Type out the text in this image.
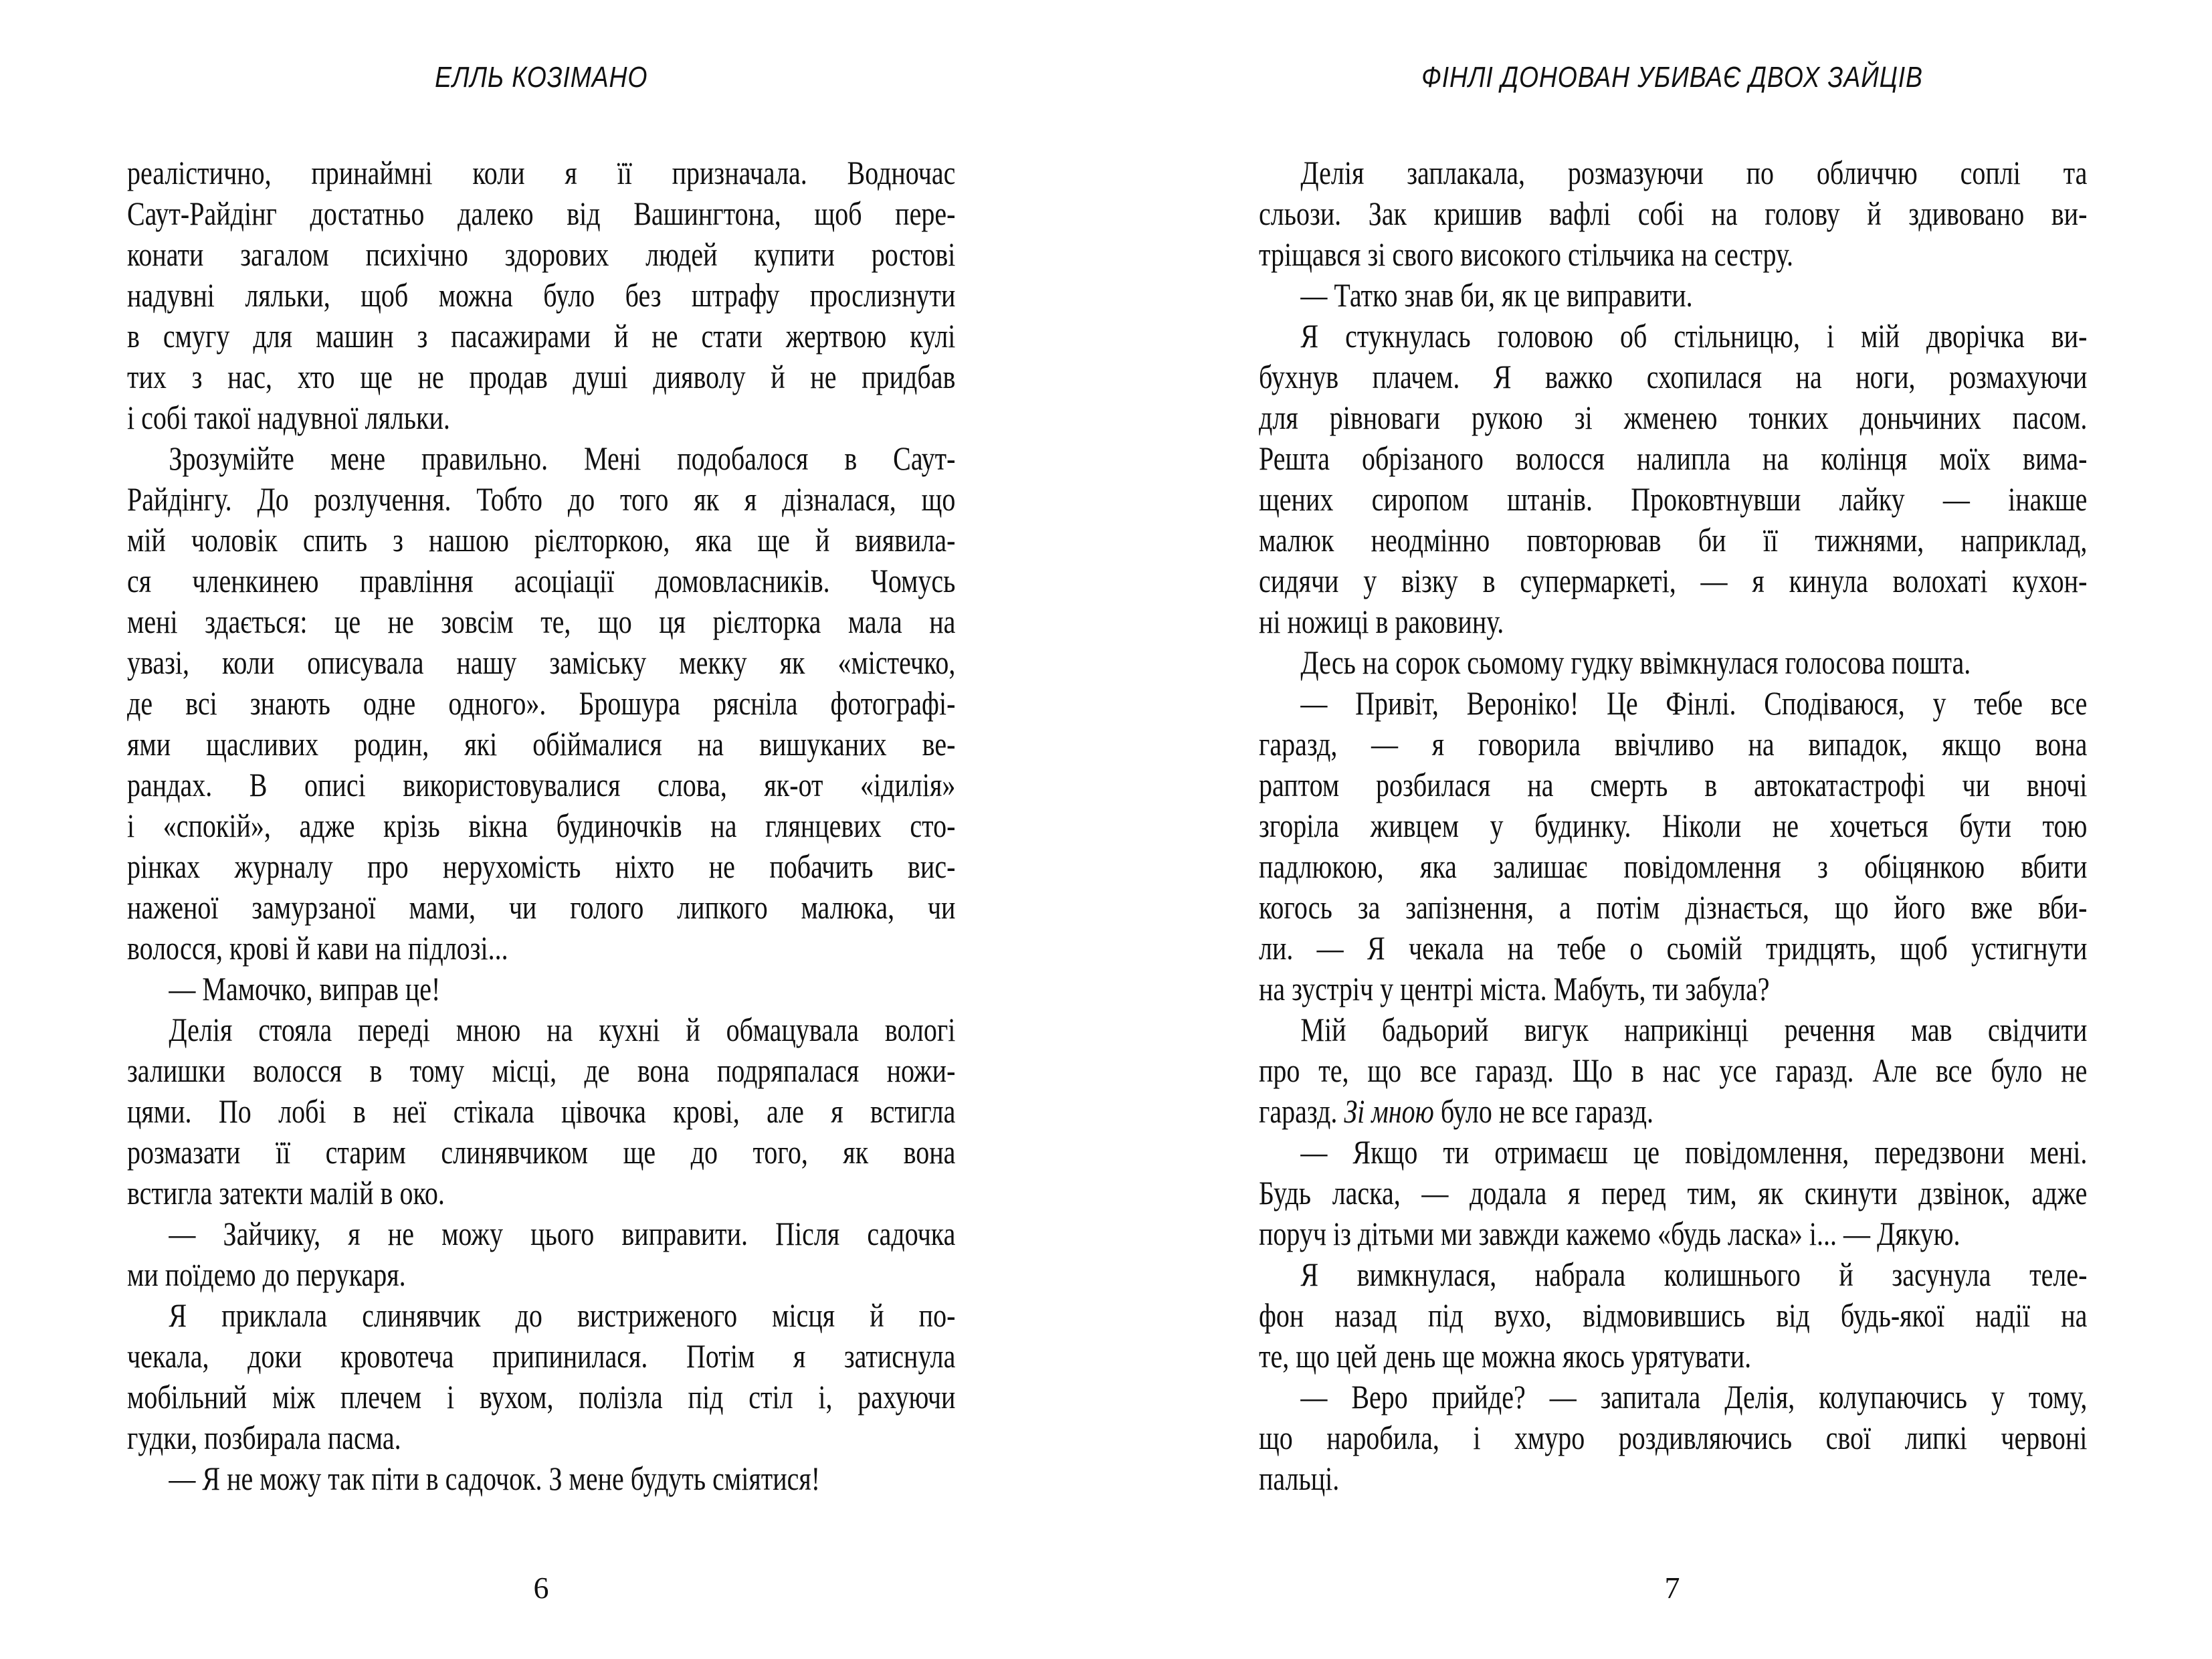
ЕЛЛЬ КОЗІМАНО
реалістично, принаймні коли я її призначала. Водночас
Саут-Райдінг достатньо далеко від Вашингтона, щоб пере-
конати загалом психічно здорових людей купити ростові
надувні ляльки, щоб можна було без штрафу прослизнути
в смугу для машин з пасажирами й не стати жертвою кулі
тих з нас, хто ще не продав душі дияволу й не придбав
і собі такої надувної ляльки.
Зрозумійте мене правильно. Мені подобалося в Саут-
Райдінгу. До розлучення. Тобто до того як я дізналася, що
мій чоловік спить з нашою рієлторкою, яка ще й виявила-
ся членкинею правління асоціації домовласників. Чомусь
мені здається: це не зовсім те, що ця рієлторка мала на
увазі, коли описувала нашу заміську мекку як «містечко,
де всі знають одне одного». Брошура рясніла фотографі-
ями щасливих родин, які обіймалися на вишуканих ве-
рандах. В описі використовувалися слова, як-от «ідилія»
і «спокій», адже крізь вікна будиночків на глянцевих сто-
рінках журналу про нерухомість ніхто не побачить вис-
наженої замурзаної мами, чи голого липкого малюка, чи
волосся, крові й кави на підлозі...
— Мамочко, виправ це!
Делія стояла переді мною на кухні й обмацувала вологі
залишки волосся в тому місці, де вона подряпалася ножи-
цями. По лобі в неї стікала цівочка крові, але я встигла
розмазати її старим слинявчиком ще до того, як вона
встигла затекти малій в око.
— Зайчику, я не можу цього виправити. Після садочка
ми поїдемо до перукаря.
Я приклала слинявчик до вистриженого місця й по-
чекала, доки кровотеча припинилася. Потім я затиснула
мобільний між плечем і вухом, полізла під стіл і, рахуючи
гудки, позбирала пасма.
— Я не можу так піти в садочок. З мене будуть сміятися!
6
ФІНЛІ ДОНОВАН УБИВАЄ ДВОХ ЗАЙЦІВ
Делія заплакала, розмазуючи по обличчю соплі та
сльози. Зак кришив вафлі собі на голову й здивовано ви-
тріщався зі свого високого стільчика на сестру.
— Татко знав би, як це виправити.
Я стукнулась головою об стільницю, і мій дворічка ви-
бухнув плачем. Я важко схопилася на ноги, розмахуючи
для рівноваги рукою зі жменею тонких доньчиних пасом.
Решта обрізаного волосся налипла на колінця моїх вима-
щених сиропом штанів. Проковтнувши лайку — інакше
малюк неодмінно повторював би її тижнями, наприклад,
сидячи у візку в супермаркеті, — я кинула волохаті кухон-
ні ножиці в раковину.
Десь на сорок сьомому гудку ввімкнулася голосова пошта.
— Привіт, Вероніко! Це Фінлі. Сподіваюся, у тебе все
гаразд, — я говорила ввічливо на випадок, якщо вона
раптом розбилася на смерть в автокатастрофі чи вночі
згоріла живцем у будинку. Ніколи не хочеться бути тою
падлюкою, яка залишає повідомлення з обіцянкою вбити
когось за запізнення, а потім дізнається, що його вже вби-
ли. — Я чекала на тебе о сьомій тридцять, щоб устигнути
на зустріч у центрі міста. Мабуть, ти забула?
Мій бадьорий вигук наприкінці речення мав свідчити
про те, що все гаразд. Що в нас усе гаразд. Але все було не
гаразд. Зі мною було не все гаразд.
— Якщо ти отримаєш це повідомлення, передзвони мені.
Будь ласка, — додала я перед тим, як скинути дзвінок, адже
поруч із дітьми ми завжди кажемо «будь ласка» і... — Дякую.
Я вимкнулася, набрала колишнього й засунула теле-
фон назад під вухо, відмовившись від будь-якої надії на
те, що цей день ще можна якось урятувати.
— Веро прийде? — запитала Делія, колупаючись у тому,
що наробила, і хмуро роздивляючись свої липкі червоні
пальці.
7
